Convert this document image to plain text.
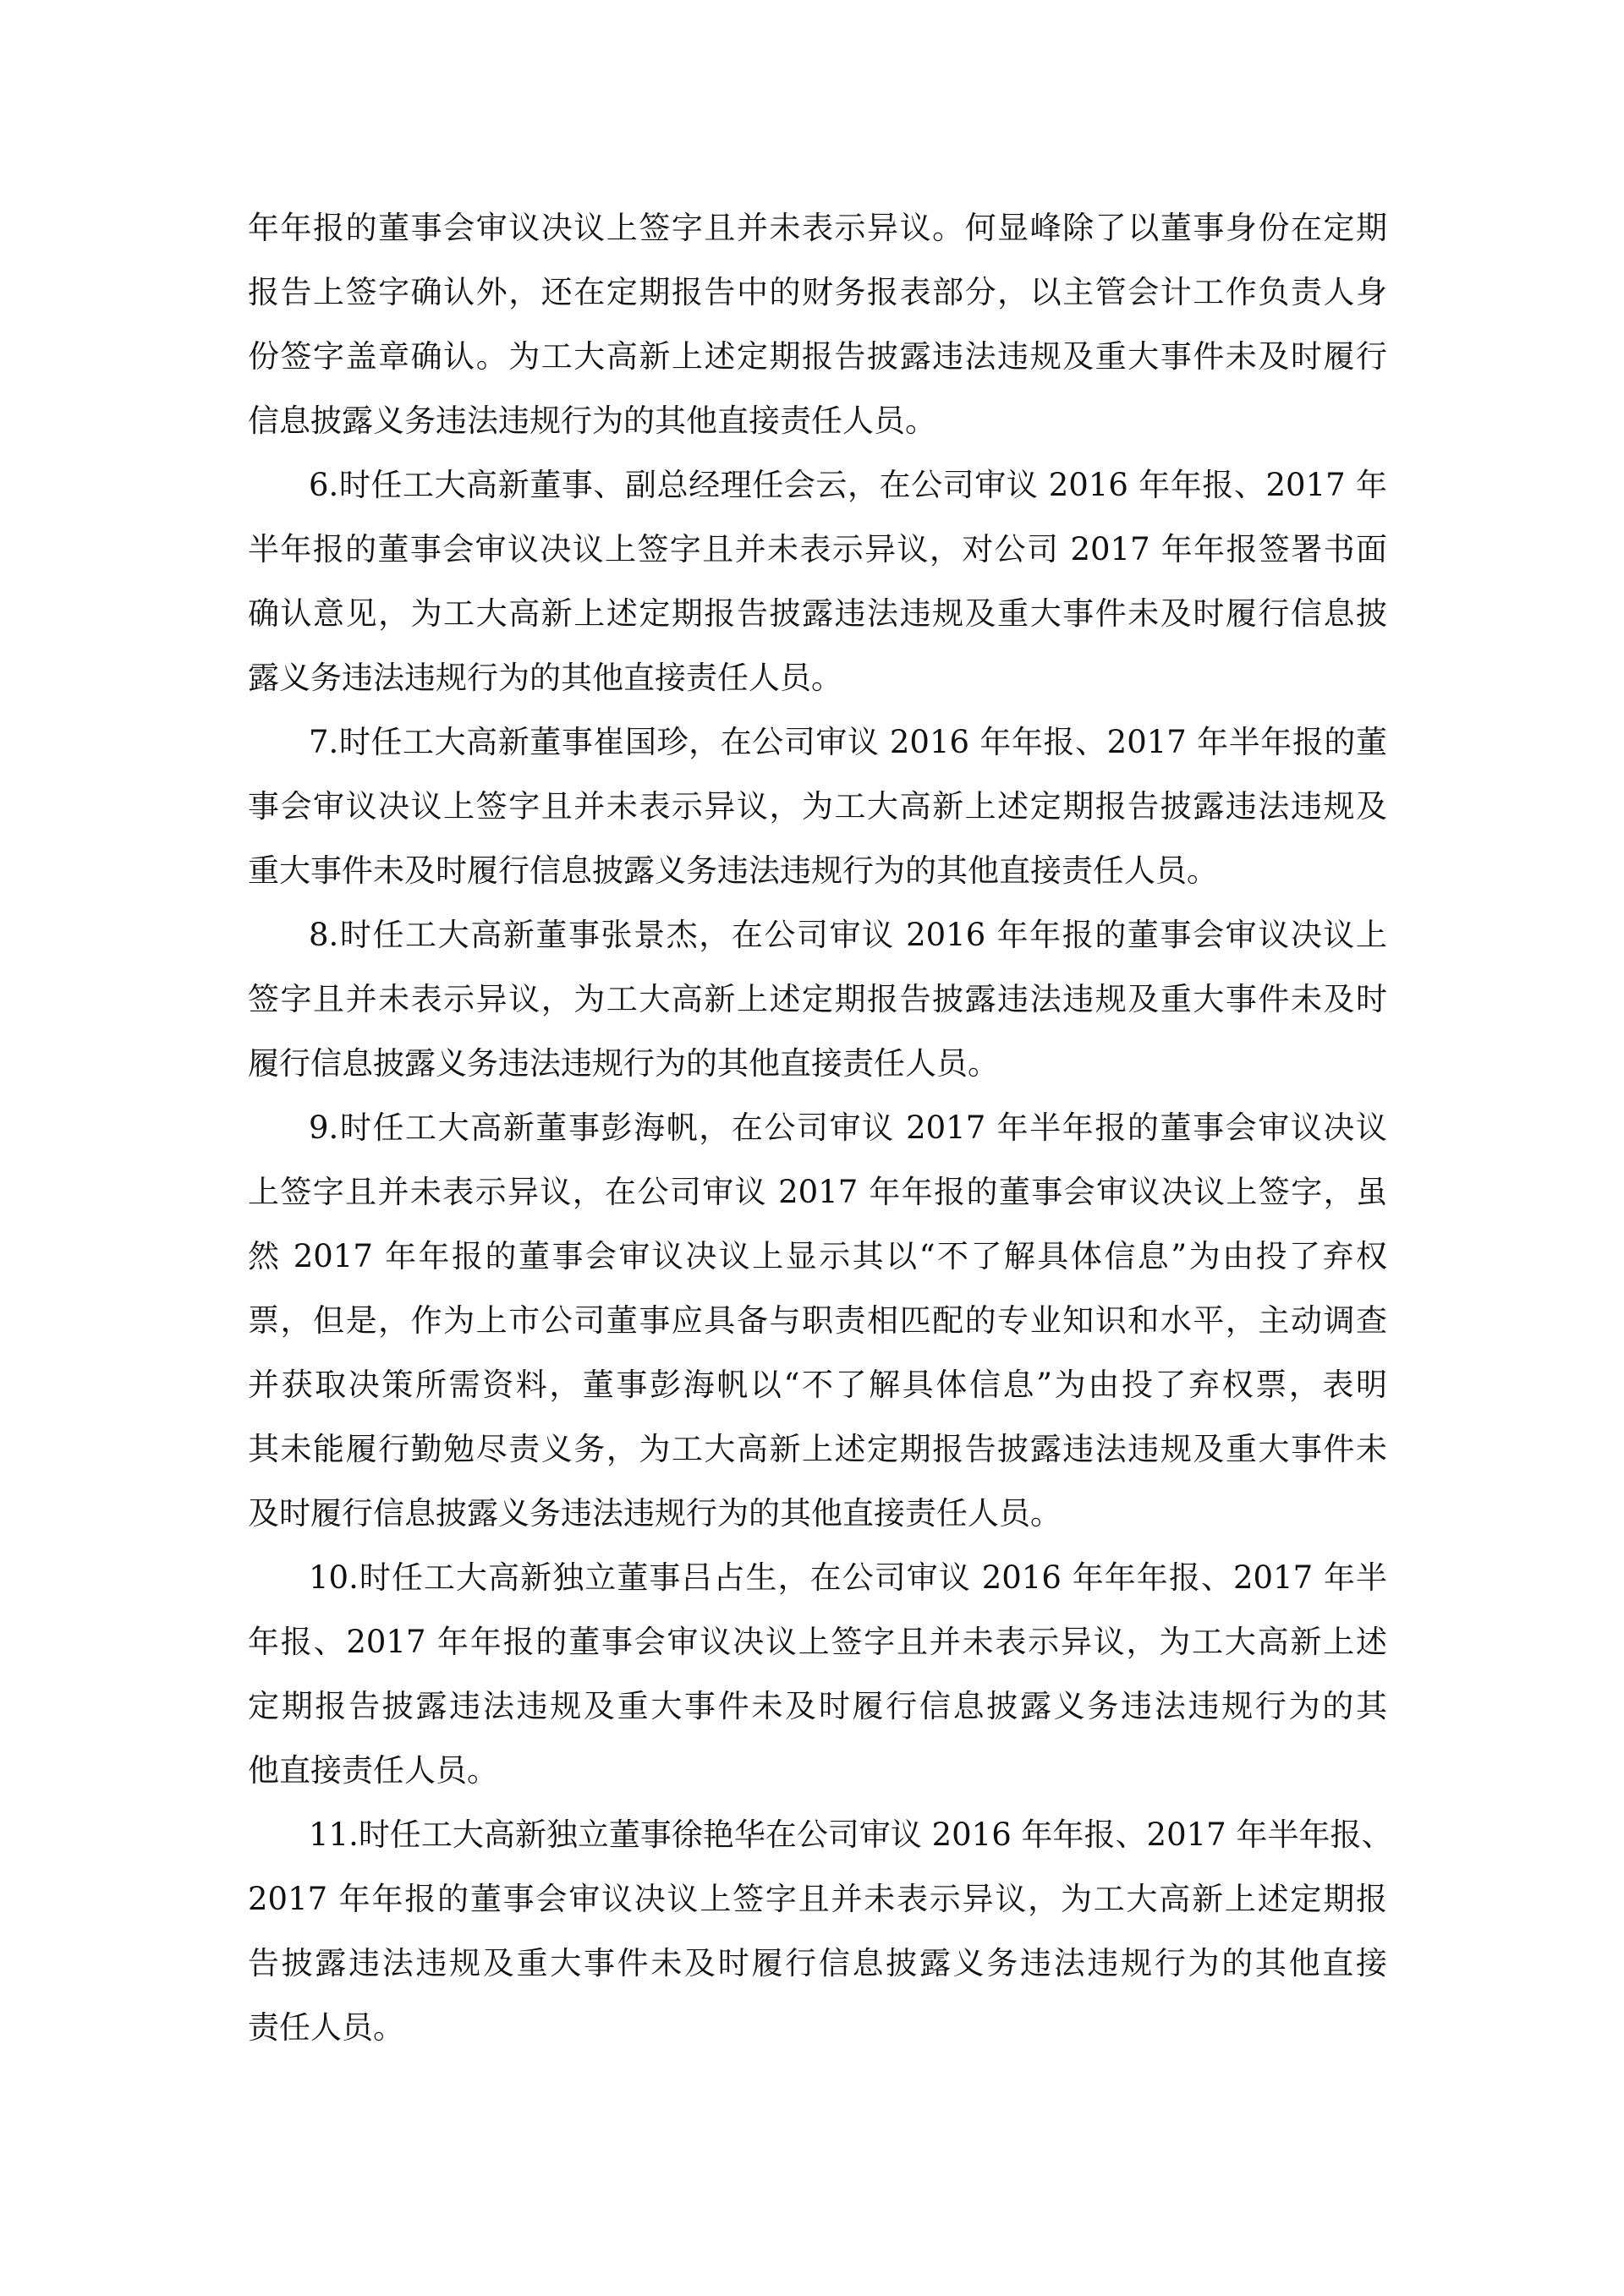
年年报的董事会审议决议上签字且并未表示异议。何显峰除了以董事身份在定期
报告上签字确认外，还在定期报告中的财务报表部分，以主管会计工作负责人身
份签字盖章确认。为工大高新上述定期报告披露违法违规及重大事件未及时履行
信息披露义务违法违规行为的其他直接责任人员。
6.时任工大高新董事、副总经理任会云，在公司审议 2016 年年报、2017 年
半年报的董事会审议决议上签字且并未表示异议，对公司 2017 年年报签署书面
确认意见，为工大高新上述定期报告披露违法违规及重大事件未及时履行信息披
露义务违法违规行为的其他直接责任人员。
7.时任工大高新董事崔国珍，在公司审议 2016 年年报、2017 年半年报的董
事会审议决议上签字且并未表示异议，为工大高新上述定期报告披露违法违规及
重大事件未及时履行信息披露义务违法违规行为的其他直接责任人员。
8.时任工大高新董事张景杰，在公司审议 2016 年年报的董事会审议决议上
签字且并未表示异议，为工大高新上述定期报告披露违法违规及重大事件未及时
履行信息披露义务违法违规行为的其他直接责任人员。
9.时任工大高新董事彭海帆，在公司审议 2017 年半年报的董事会审议决议
上签字且并未表示异议，在公司审议 2017 年年报的董事会审议决议上签字，虽
然 2017 年年报的董事会审议决议上显示其以“不了解具体信息”为由投了弃权
票，但是，作为上市公司董事应具备与职责相匹配的专业知识和水平，主动调查
并获取决策所需资料，董事彭海帆以“不了解具体信息”为由投了弃权票，表明
其未能履行勤勉尽责义务，为工大高新上述定期报告披露违法违规及重大事件未
及时履行信息披露义务违法违规行为的其他直接责任人员。
10.时任工大高新独立董事吕占生，在公司审议 2016 年年年报、2017 年半
年报、2017 年年报的董事会审议决议上签字且并未表示异议，为工大高新上述
定期报告披露违法违规及重大事件未及时履行信息披露义务违法违规行为的其
他直接责任人员。
11.时任工大高新独立董事徐艳华在公司审议 2016 年年报、2017 年半年报、
2017 年年报的董事会审议决议上签字且并未表示异议，为工大高新上述定期报
告披露违法违规及重大事件未及时履行信息披露义务违法违规行为的其他直接
责任人员。
